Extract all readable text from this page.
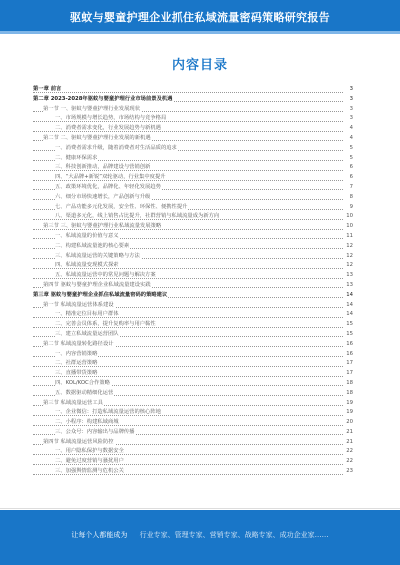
驱蚊与婴童护理企业抓住私域流量密码策略研究报告
内容目录
第一章 前言	3
第二章 2023-2028年驱蚊与婴童护理行业市场前景及机遇	3
第一节 一、驱蚊与婴童护理行业发展现状	3
一、市场规模与增长趋势，市场结构与竞争格局	3
二、消费者需求变化，行业发展趋势与新机遇	4
第二节 二、驱蚊与婴童护理行业发展的新机遇	4
一、消费者需求升级，随着消费者对生活品质的追求	5
二、健康环保需求	5
三、科技创新推动，品牌建设与营销创新	6
四、“大品牌+新锐”双轮驱动，行业集中度提升	6
五、政策环境优化，品牌化、年轻化发展趋势	7
六、细分市场快速增长，产品创新与升级	8
七、产品功能多元化发展，安全性、环保性、便携性提升	9
八、渠道多元化，线上销售占比提升，社群营销与私域流量成为新方向	10
第三节 三、驱蚊与婴童护理行业私域流量发展策略	10
一、私域流量的价值与意义	11
二、构建私域流量池的核心要素	12
三、私域流量运营的关键策略与方法	12
四、私域流量变现模式探索	12
五、私域流量运营中的常见问题与解决方案	13
第四节 驱蚊与婴童护理企业私域流量建设实践	13
第三章 驱蚊与婴童护理企业抓住私域流量密码的策略建议	14
第一节 私域流量运营体系建设	14
一、精准定位目标用户群体	14
二、完善会员体系，提升复购率与用户黏性	15
三、建立私域流量运营团队	15
第二节 私域流量转化路径设计	16
一、内容营销策略	16
二、社群运营策略	17
三、直播带货策略	17
四、KOL/KOC合作策略	18
五、数据驱动精细化运营	18
第三节 私域流量运营工具	19
一、企业微信：打造私域流量运营的核心阵地	19
二、小程序：构建私域商城	20
三、公众号：内容输出与品牌传播	21
第四节 私域流量运营风险防控	21
一、用户隐私保护与数据安全	22
二、避免过度营销与骚扰用户	22
三、加强舆情监测与危机公关	23
让每个人都能成为 行业专家、管理专家、营销专家、战略专家、成功企业家……
